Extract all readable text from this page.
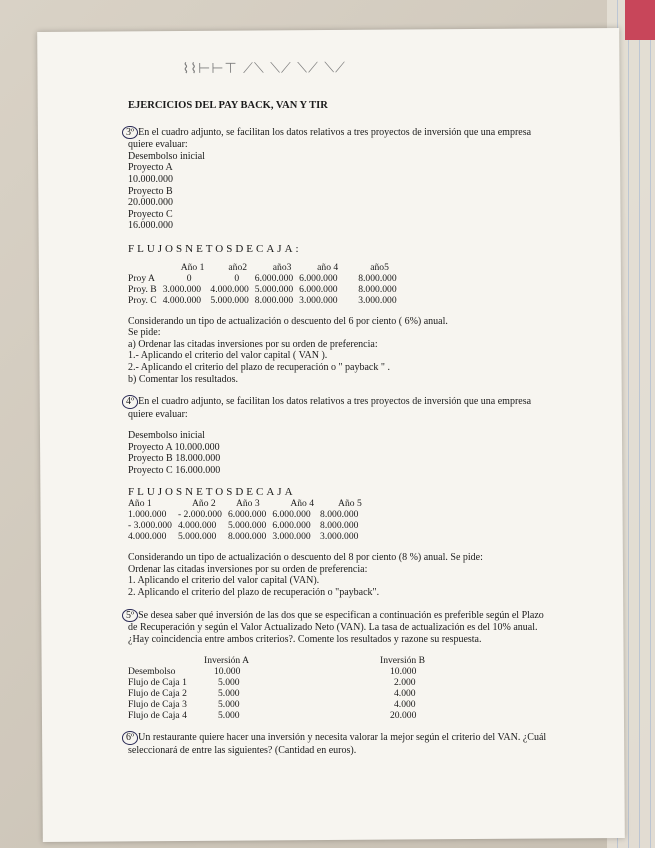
⌇⌇⊢⊢⊤ ⟋⟍ ⟍⟋ ⟍⟋ ⟍⟋
EJERCICIOS DEL PAY BACK, VAN Y TIR

3º En el cuadro adjunto, se facilitan los datos relativos a tres proyectos de inversión que una empresa

quiere evaluar:

Desembolso inicial

Proyecto A

10.000.000

Proyecto B

20.000.000

Proyecto C

16.000.000

FLUJOSNETOSDECAJA:
	Año 1	año2	año3	año 4	año5
Proy A	0	0	6.000.000	6.000.000	8.000.000
Proy. B	3.000.000	4.000.000	5.000.000	6.000.000	8.000.000
Proy. C	4.000.000	5.000.000	8.000.000	3.000.000	3.000.000

Considerando un tipo de actualización o descuento del 6 por ciento ( 6%) anual.

Se pide:

a) Ordenar las citadas inversiones por su orden de preferencia:

1.- Aplicando el criterio del valor capital ( VAN ).

2.- Aplicando el criterio del plazo de recuperación o " payback " .

b) Comentar los resultados.

4º En el cuadro adjunto, se facilitan los datos relativos a tres proyectos de inversión que una empresa

quiere evaluar:

Desembolso inicial

Proyecto A 10.000.000

Proyecto B 18.000.000

Proyecto C 16.000.000

FLUJOSNETOSDECAJA
Año 1	Año 2	Año 3	Año 4	Año 5
1.000.000	- 2.000.000	6.000.000	6.000.000	8.000.000
- 3.000.000	4.000.000	5.000.000	6.000.000	8.000.000
4.000.000	5.000.000	8.000.000	3.000.000	3.000.000

Considerando un tipo de actualización o descuento del 8 por ciento (8 %) anual. Se pide:

Ordenar las citadas inversiones por su orden de preferencia:

1. Aplicando el criterio del valor capital (VAN).

2. Aplicando el criterio del plazo de recuperación o "payback".

5º Se desea saber qué inversión de las dos que se especifican a continuación es preferible según el Plazo

de Recuperación y según el Valor Actualizado Neto (VAN). La tasa de actualización es del 10% anual.

¿Hay coincidencia entre ambos criterios?. Comente los resultados y razone su respuesta.

	Inversión A	Inversión B
Desembolso	10.000	10.000
Flujo de Caja 1	5.000	2.000
Flujo de Caja 2	5.000	4.000
Flujo de Caja 3	5.000	4.000
Flujo de Caja 4	5.000	20.000

6º Un restaurante quiere hacer una inversión y necesita valorar la mejor según el criterio del VAN. ¿Cuál

seleccionará de entre las siguientes? (Cantidad en euros).
